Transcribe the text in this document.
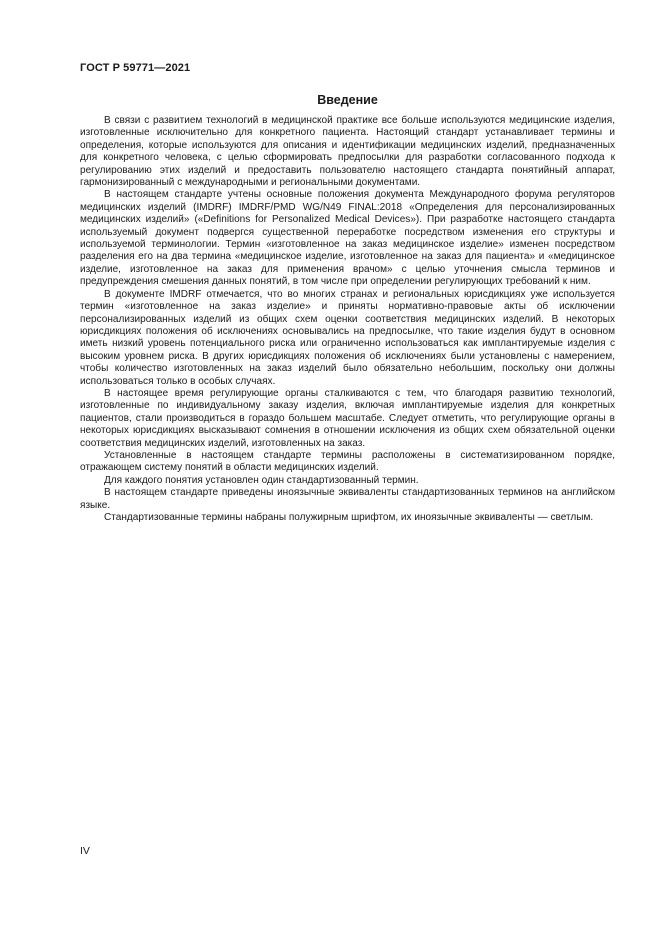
ГОСТ Р 59771—2021
Введение

В связи с развитием технологий в медицинской практике все больше используются медицинские изделия, изготовленные исключительно для конкретного пациента. Настоящий стандарт устанавливает термины и определения, которые используются для описания и идентификации медицинских изделий, предназначенных для конкретного человека, с целью сформировать предпосылки для разработки согласованного подхода к регулированию этих изделий и предоставить пользователю настоящего стандарта понятийный аппарат, гармонизированный с международными и региональными документами.

В настоящем стандарте учтены основные положения документа Международного форума регуляторов медицинских изделий (IMDRF) IMDRF/PMD WG/N49 FINAL:2018 «Определения для персонализированных медицинских изделий» («Definitions for Personalized Medical Devices»). При разработке настоящего стандарта используемый документ подвергся существенной переработке посредством изменения его структуры и используемой терминологии. Термин «изготовленное на заказ медицинское изделие» изменен посредством разделения его на два термина «медицинское изделие, изготовленное на заказ для пациента» и «медицинское изделие, изготовленное на заказ для применения врачом» с целью уточнения смысла терминов и предупреждения смешения данных понятий, в том числе при определении регулирующих требований к ним.

В документе IMDRF отмечается, что во многих странах и региональных юрисдикциях уже используется термин «изготовленное на заказ изделие» и приняты нормативно-правовые акты об исключении персонализированных изделий из общих схем оценки соответствия медицинских изделий. В некоторых юрисдикциях положения об исключениях основывались на предпосылке, что такие изделия будут в основном иметь низкий уровень потенциального риска или ограниченно использоваться как имплантируемые изделия с высоким уровнем риска. В других юрисдикциях положения об исключениях были установлены с намерением, чтобы количество изготовленных на заказ изделий было обязательно небольшим, поскольку они должны использоваться только в особых случаях.

В настоящее время регулирующие органы сталкиваются с тем, что благодаря развитию технологий, изготовленные по индивидуальному заказу изделия, включая имплантируемые изделия для конкретных пациентов, стали производиться в гораздо большем масштабе. Следует отметить, что регулирующие органы в некоторых юрисдикциях высказывают сомнения в отношении исключения из общих схем обязательной оценки соответствия медицинских изделий, изготовленных на заказ.

Установленные в настоящем стандарте термины расположены в систематизированном порядке, отражающем систему понятий в области медицинских изделий.

Для каждого понятия установлен один стандартизованный термин.

В настоящем стандарте приведены иноязычные эквиваленты стандартизованных терминов на английском языке.

Стандартизованные термины набраны полужирным шрифтом, их иноязычные эквиваленты — светлым.

IV
